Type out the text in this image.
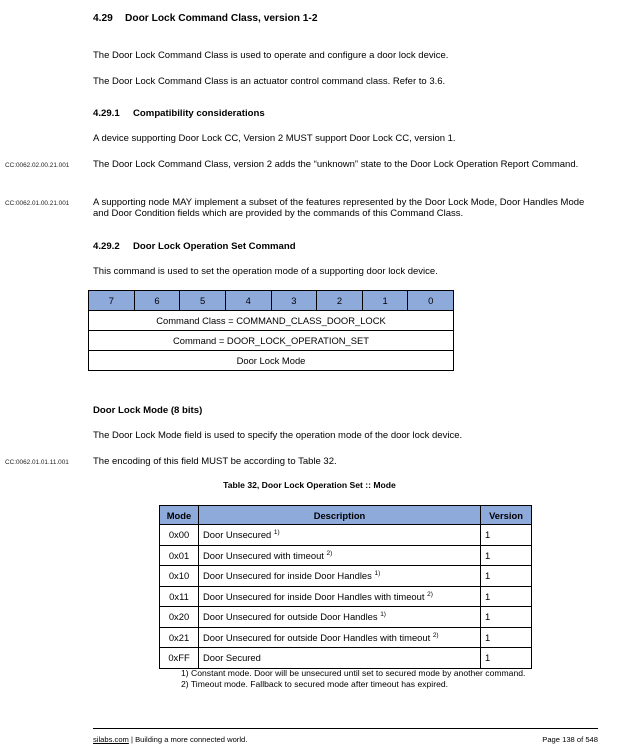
4.29 Door Lock Command Class, version 1-2
The Door Lock Command Class is used to operate and configure a door lock device.
The Door Lock Command Class is an actuator control command class. Refer to 3.6.
4.29.1 Compatibility considerations
A device supporting Door Lock CC, Version 2 MUST support Door Lock CC, version 1.
CC:0062.02.00.21.001 The Door Lock Command Class, version 2 adds the “unknown” state to the Door Lock Operation Report Command.
CC:0062.01.00.21.001 A supporting node MAY implement a subset of the features represented by the Door Lock Mode, Door Handles Mode and Door Condition fields which are provided by the commands of this Command Class.
4.29.2 Door Lock Operation Set Command
This command is used to set the operation mode of a supporting door lock device.
7	6	5	4	3	2	1	0
Command Class = COMMAND_CLASS_DOOR_LOCK
Command = DOOR_LOCK_OPERATION_SET
Door Lock Mode
Door Lock Mode (8 bits)
The Door Lock Mode field is used to specify the operation mode of the door lock device.
CC:0062.01.01.11.001	The encoding of this field MUST be according to Table 32.
Table 32, Door Lock Operation Set :: Mode
Mode	Description	Version
0x00	Door Unsecured $^{1)}$	1
0x01	Door Unsecured with timeout $^{2)}$	1
0x10	Door Unsecured for inside Door Handles $^{1)}$	1
0x11	Door Unsecured for inside Door Handles with timeout $^{2)}$	1
0x20	Door Unsecured for outside Door Handles $^{1)}$	1
0x21	Door Unsecured for outside Door Handles with timeout $^{2)}$	1
0xFF	Door Secured	1
1) Constant mode. Door will be unsecured until set to secured mode by another command.
2) Timeout mode. Fallback to secured mode after timeout has expired.
silabs.com | Building a more connected world.	Page 138 of 548
